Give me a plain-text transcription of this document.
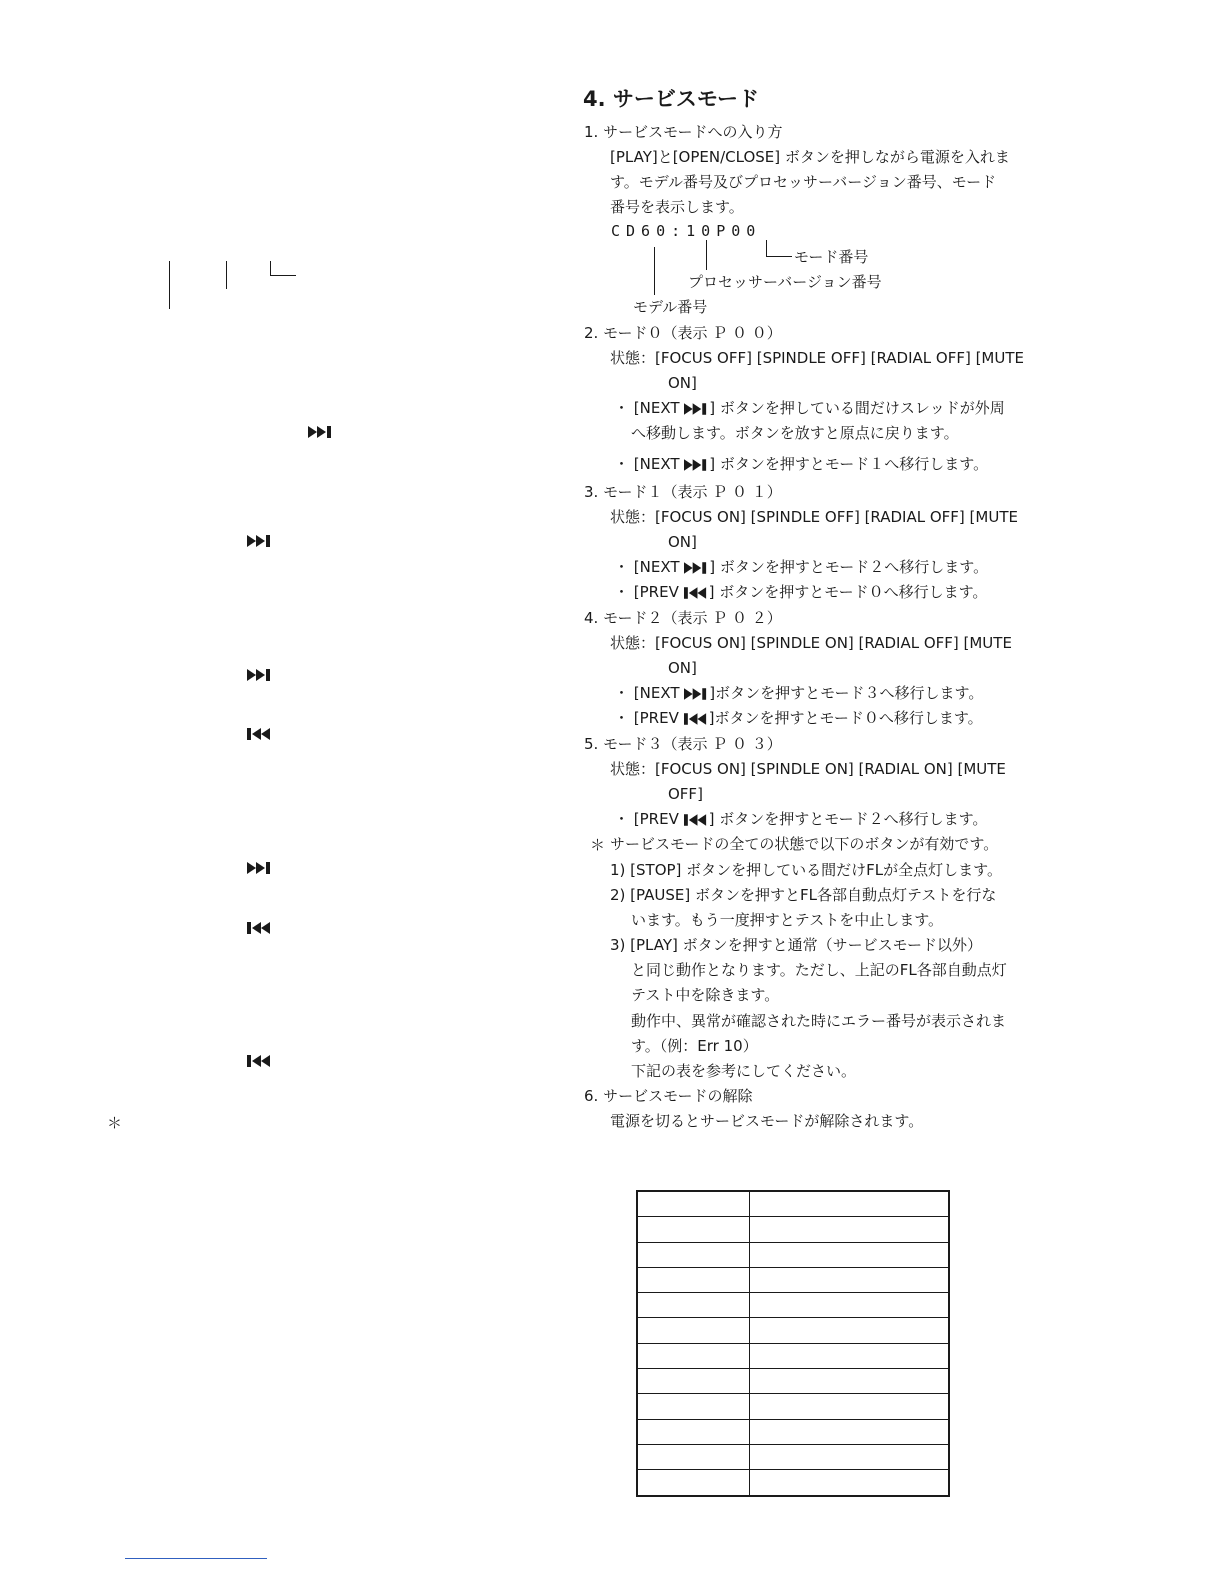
＊
4. サービスモード
1. サービスモードへの入り方
[PLAY]と[OPEN/CLOSE] ボタンを押しながら電源を入れま
す。モデル番号及びプロセッサーバージョン番号、モード
番号を表示します。
CD60:10P00
モード番号
プロセッサーバージョン番号
モデル番号
2. モード０（表示 Ｐ ０ ０）
状態：[FOCUS OFF] [SPINDLE OFF] [RADIAL OFF] [MUTE
ON]
・ [NEXT ] ボタンを押している間だけスレッドが外周
へ移動します。ボタンを放すと原点に戻ります。
・ [NEXT ] ボタンを押すとモード１へ移行します。
3. モード１（表示 Ｐ ０ １）
状態：[FOCUS ON] [SPINDLE OFF] [RADIAL OFF] [MUTE
ON]
・ [NEXT ] ボタンを押すとモード２へ移行します。
・ [PREV ] ボタンを押すとモード０へ移行します。
4. モード２（表示 Ｐ ０ ２）
状態：[FOCUS ON] [SPINDLE ON] [RADIAL OFF] [MUTE
ON]
・ [NEXT ]ボタンを押すとモード３へ移行します。
・ [PREV ]ボタンを押すとモード０へ移行します。
5. モード３（表示 Ｐ ０ ３）
状態：[FOCUS ON] [SPINDLE ON] [RADIAL ON] [MUTE
OFF]
・ [PREV ] ボタンを押すとモード２へ移行します。
＊ サービスモードの全ての状態で以下のボタンが有効です。
1) [STOP] ボタンを押している間だけFLが全点灯します。
2) [PAUSE] ボタンを押すとFL各部自動点灯テストを行な
います。もう一度押すとテストを中止します。
3) [PLAY] ボタンを押すと通常（サービスモード以外）
と同じ動作となります。ただし、上記のFL各部自動点灯
テスト中を除きます。
動作中、異常が確認された時にエラー番号が表示されま
す。（例：Err 10）
下記の表を参考にしてください。
6. サービスモードの解除
電源を切るとサービスモードが解除されます。
